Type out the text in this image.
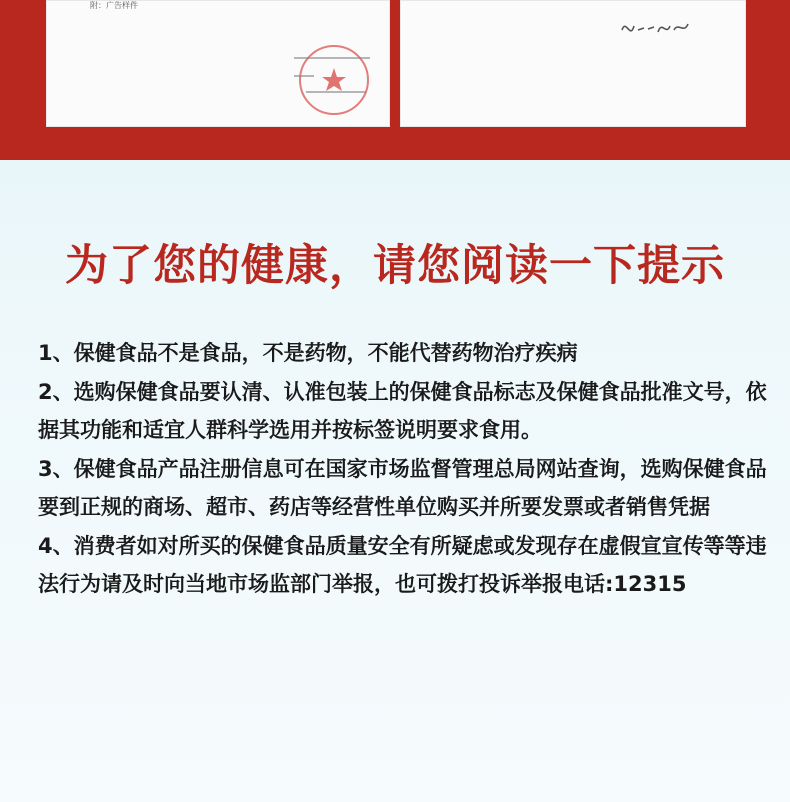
附：广告样件
为了您的健康，请您阅读一下提示

1、保健食品不是食品，不是药物，不能代替药物治疗疾病

2、选购保健食品要认清、认准包装上的保健食品标志及保健食品批准文号，依据其功能和适宜人群科学选用并按标签说明要求食用。

3、保健食品产品注册信息可在国家市场监督管理总局网站查询，选购保健食品要到正规的商场、超市、药店等经营性单位购买并所要发票或者销售凭据

4、消费者如对所买的保健食品质量安全有所疑虑或发现存在虚假宣宣传等等违法行为请及时向当地市场监部门举报，也可拨打投诉举报电话:12315
